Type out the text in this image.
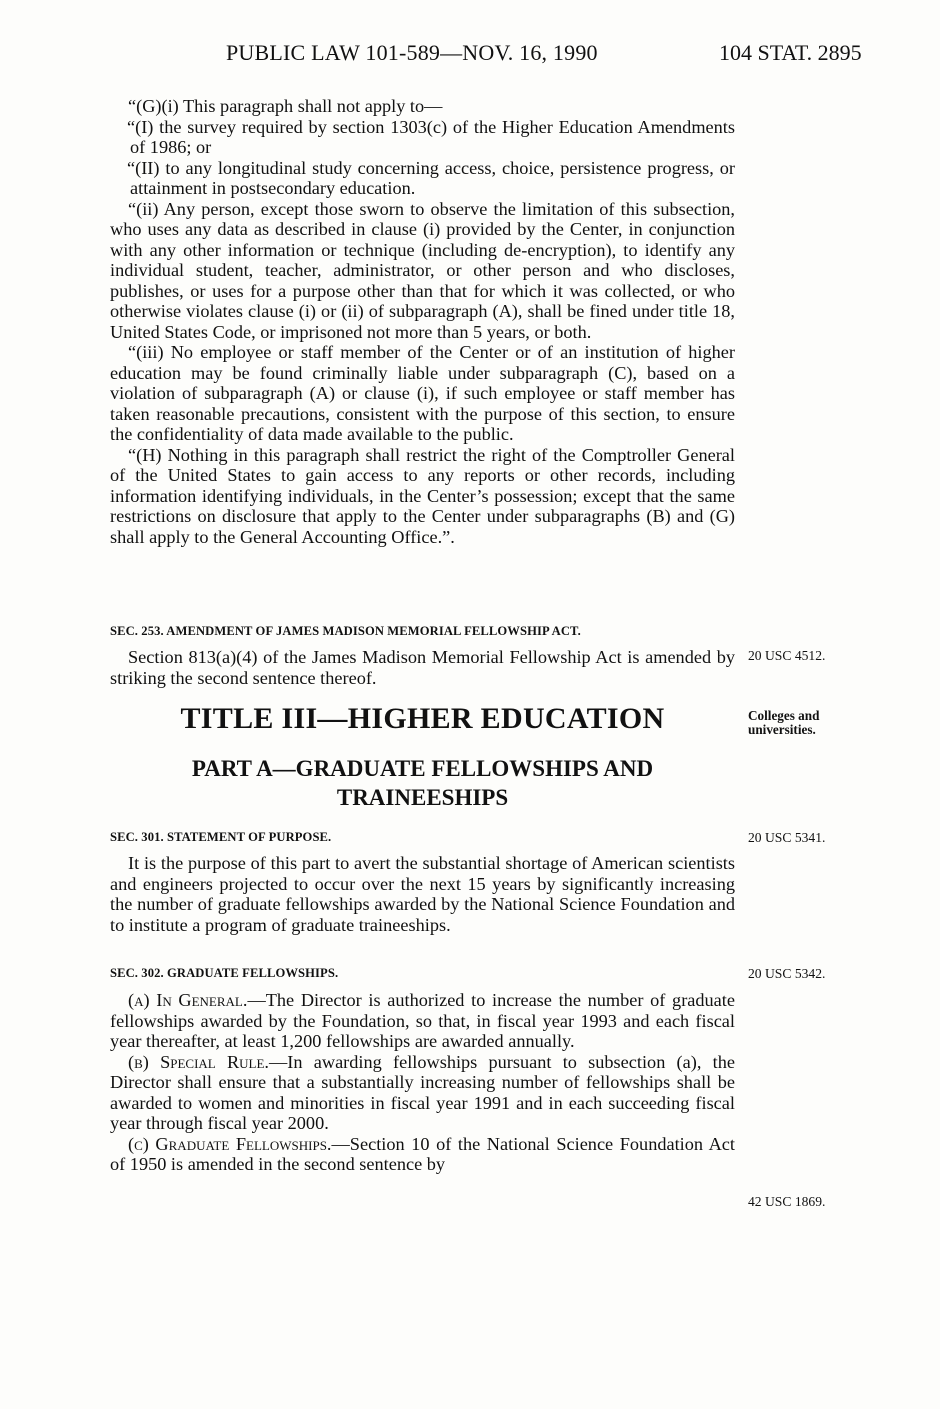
PUBLIC LAW 101-589—NOV. 16, 1990	104 STAT. 2895

“(G)(i) This paragraph shall not apply to—

“(I) the survey required by section 1303(c) of the Higher Education Amendments of 1986; or

“(II) to any longitudinal study concerning access, choice, persistence progress, or attainment in postsecondary education.

“(ii) Any person, except those sworn to observe the limitation of this subsection, who uses any data as described in clause (i) provided by the Center, in conjunction with any other information or technique (including de-encryption), to identify any individual student, teacher, administrator, or other person and who discloses, publishes, or uses for a purpose other than that for which it was collected, or who otherwise violates clause (i) or (ii) of subparagraph (A), shall be fined under title 18, United States Code, or imprisoned not more than 5 years, or both.

“(iii) No employee or staff member of the Center or of an institution of higher education may be found criminally liable under subparagraph (C), based on a violation of subparagraph (A) or clause (i), if such employee or staff member has taken reasonable precautions, consistent with the purpose of this section, to ensure the confidentiality of data made available to the public.

“(H) Nothing in this paragraph shall restrict the right of the Comptroller General of the United States to gain access to any reports or other records, including information identifying individuals, in the Center’s possession; except that the same restrictions on disclosure that apply to the Center under subparagraphs (B) and (G) shall apply to the General Accounting Office.”.

SEC. 253. AMENDMENT OF JAMES MADISON MEMORIAL FELLOWSHIP ACT.

Section 813(a)(4) of the James Madison Memorial Fellowship Act is amended by striking the second sentence thereof.

20 USC 4512.
TITLE III—HIGHER EDUCATION	Colleges and
universities.
PART A—GRADUATE FELLOWSHIPS AND
TRAINEESHIPS
SEC. 301. STATEMENT OF PURPOSE.	20 USC 5341.

It is the purpose of this part to avert the substantial shortage of American scientists and engineers projected to occur over the next 15 years by significantly increasing the number of graduate fellowships awarded by the National Science Foundation and to institute a program of graduate traineeships.

SEC. 302. GRADUATE FELLOWSHIPS.	20 USC 5342.

(a) In General.—The Director is authorized to increase the number of graduate fellowships awarded by the Foundation, so that, in fiscal year 1993 and each fiscal year thereafter, at least 1,200 fellowships are awarded annually.

(b) Special Rule.—In awarding fellowships pursuant to subsection (a), the Director shall ensure that a substantially increasing number of fellowships shall be awarded to women and minorities in fiscal year 1991 and in each succeeding fiscal year through fiscal year 2000.

(c) Graduate Fellowships.—Section 10 of the National Science Foundation Act of 1950 is amended in the second sentence by

42 USC 1869.
